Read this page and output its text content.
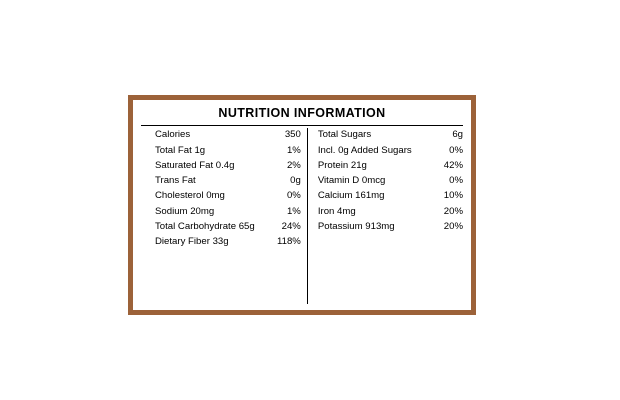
NUTRITION INFORMATION
Calories	350
Total Fat 1g	1%
Saturated Fat 0.4g	2%
Trans Fat	0g
Cholesterol 0mg	0%
Sodium 20mg	1%
Total Carbohydrate 65g	24%
Dietary Fiber 33g	118%
Total Sugars	6g
Incl. 0g Added Sugars	0%
Protein 21g	42%
Vitamin D 0mcg	0%
Calcium 161mg	10%
Iron 4mg	20%
Potassium 913mg	20%
